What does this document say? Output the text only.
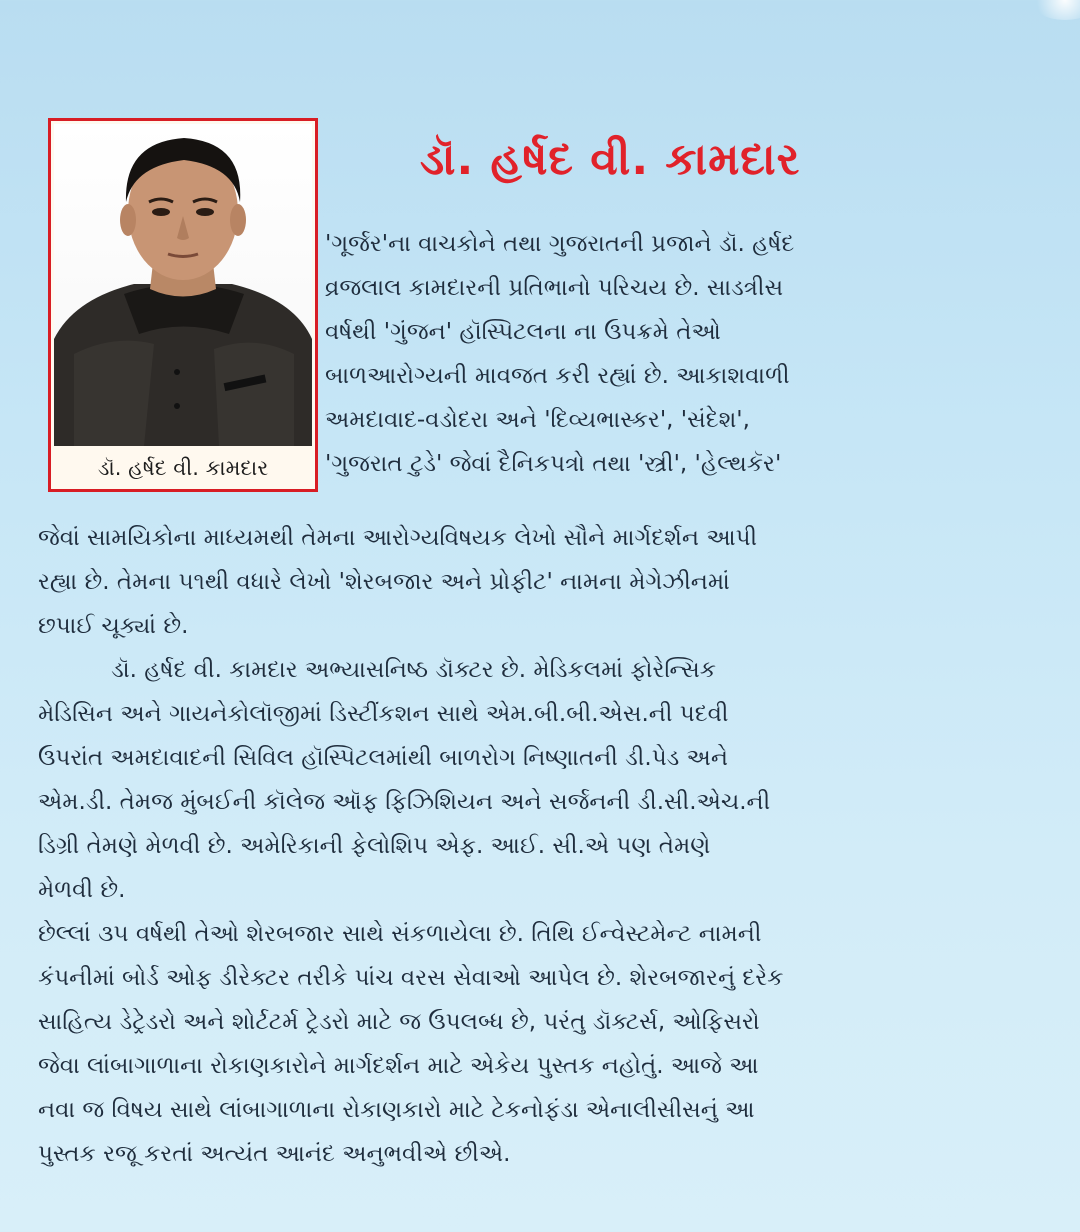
ડૉ. હર્ષદ વી. કામદાર
ડૉ. હર્ષદ વી. કામદાર
'ગૂર્જર'ના વાચકોને તથા ગુજરાતની પ્રજાને ડૉ. હર્ષદ
વ્રજલાલ કામદારની પ્રતિભાનો પરિચય છે. સાડત્રીસ
વર્ષથી 'ગુંજન' હૉસ્પિટલના ના ઉપક્રમે તેઓ
બાળઆરોગ્યની માવજત કરી રહ્યાં છે. આકાશવાળી
અમદાવાદ-વડોદરા અને 'દિવ્યભાસ્કર', 'સંદેશ',
'ગુજરાત ટુડે' જેવાં દૈનિકપત્રો તથા 'સ્ત્રી', 'હેલ્થકૅર'
જેવાં સામયિકોના માધ્યમથી તેમના આરોગ્યવિષયક લેખો સૌને માર્ગદર્શન આપી
રહ્યા છે. તેમના ૫૧થી વધારે લેખો 'શેરબજાર અને પ્રોફીટ' નામના મેગેઝીનમાં
છપાઈ ચૂક્યાં છે.
ડૉ. હર્ષદ વી. કામદાર અભ્યાસનિષ્ઠ ડૉક્ટર છે. મેડિકલમાં ફોરેન્સિક
મેડિસિન અને ગાયનેકોલૉજીમાં ડિસ્ટીંકશન સાથે એમ.બી.બી.એસ.ની પદવી
ઉપરાંત અમદાવાદની સિવિલ હૉસ્પિટલમાંથી બાળરોગ નિષ્ણાતની ડી.પેડ અને
એમ.ડી. તેમજ મુંબઈની કૉલેજ ઑફ ફિઝિશિયન અને સર્જનની ડી.સી.એચ.ની
ડિગ્રી તેમણે મેળવી છે. અમેરિકાની ફેલોશિપ એફ. આઈ. સી.એ પણ તેમણે
મેળવી છે.
છેલ્લાં ૩૫ વર્ષથી તેઓ શેરબજાર સાથે સંકળાયેલા છે. તિથિ ઈન્વેસ્ટમેન્ટ નામની
કંપનીમાં બોર્ડ ઓફ ડીરેક્ટર તરીકે પાંચ વરસ સેવાઓ આપેલ છે. શેરબજારનું દરેક
સાહિત્ય ડેટ્રેડરો અને શોર્ટટર્મ ટ્રેડરો માટે જ ઉપલબ્ધ છે, પરંતુ ડૉક્ટર્સ, ઓફિસરો
જેવા લાંબાગાળાના રોકાણકારોને માર્ગદર્શન માટે એકેય પુસ્તક નહોતું. આજે આ
નવા જ વિષય સાથે લાંબાગાળાના રોકાણકારો માટે ટેકનોફંડા એનાલીસીસનું આ
પુસ્તક રજૂ કરતાં અત્યંત આનંદ અનુભવીએ છીએ.
